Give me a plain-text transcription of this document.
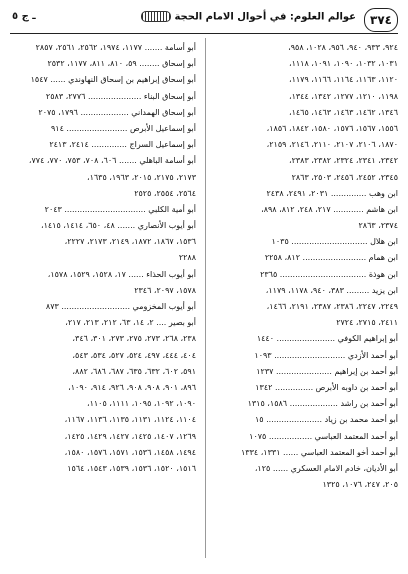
٣٧٤
عوالم العلوم: في أحوال الامام الحجة
ـ ج ٥
٩٢٤، ٩٣٣، ٩٤٠، ٩٥٦، ١٠٢٨، ٩٥٨،
١٠٣١، ١٠٣٢، ١٠٩٠، ١٠٩١، ١١١٨،
١١٢٠، ١١٦٣، ١١٦٤، ١١٦٦، ١١٧٩،
١١٩٨، ١٢١٠، ١٢٧٧، ١٣٤٢، ١٣٤٤،
١٣٤٦، ١٤٦٢، ١٤٦٣، ١٤٦٣، ١٤٦٥،
١٥٥٦، ١٥٦٧، ١٥٧٦، ١٥٨٠، ١٨٤٢، ١٨٥٦،
١٨٧٠، ٢١٠٦، ٢١٠٧، ٢١١٠، ٢١٤٦، ٢١٥٩،
٢٣٤٢، ٢٣٤١، ٢٣٢٤، ٢٣٨٢، ٢٣٨٣،
٢٣٤٥، ٢٤٥٢، ٢٤٥٦، ٢٥٠٣، ٢٨٦٣
ابن وهب .............. ٢٠٣١، ٢٤٩١، ٢٤٣٨
ابن هاشم ............ ٢١٧، ٢٤٨، ٨١٢، ٨٩٨،
٢٣٧٤، ٢٨٦٣
ابن هلال .............................. ١٠٣٥
ابن همام ......................... ٨١٢، ٢٢٥٨
ابن هوذة .................................. ٢٣٦٥
ابن يزيد ......... ٣٨٣، ٩٤٠، ١١٧٨، ١١٧٩،
٢٢٤٩، ٢٢٤٧، ٢٣٨٦، ٢٣٨٧، ٢١٩١، ١٤٦٦،
٢٤١١، ٢٧١٥، ٢٧٢٤
أبو إبراهيم الكوفي ....................... ١٤٤٠
أبو أحمد الأزدي ............................ ١٠٩٣
أبو أحمد بن إبراهيم ...................... ١٢٣٧
أبو أحمد بن داوبه الأبرص ............... ١٣٤٢
أبو أحمد بن راشد ................... ١٥٨٦، ١٣١٥
أبو أحمد محمد بن زياد ...................... ١٥
أبو أحمد المعتمد العباسي ................. ١٠٧٥
أبو أحمد أخو المعتمد العباسي ...... ١٣٣١، ١٣٣٤
أبو الأديان، خادم الامام العسكري ...... ١٢٥،
٢٠٥، ٢٤٧، ١٠٧٦، ١٣٢٥
أبو أسامة ....... ١١٧٧، ١٩٧٤، ٢٥٦٢، ٢٥٦١، ٢٨٥٧
أبو إسحاق ........ ٥٩، ٨١٠، ٨١١، ١١٧٧، ٢٥٣٢
أبو إسحاق إبراهيم بن إسحاق النهاوندي ...... ١٥٤٧
أبو إسحاق البناء ..................... ٢٧٧٦، ٢٥٨٣
أبو إسحاق الهمداني ................... ١٧٩٦، ٢٠٧٥
أبو إسماعيل الأبرص ........................ ٩١٤
أبو إسماعيل السراج .............. ٢٤١٤، ٢٤١٣
أبو أسامة الباهلي ....... ٦٠٦، ٧٠٨، ٧٥٣، ٧٧٠، ٧٧٤،
٢١٧٣، ٢١٧٥، ٢٠١٥، ١٩٦٣، ١٦٣٥،
٢٥٦٤، ٢٥٥٤، ٢٥٢٥
أبو أمية الكلبي ................................ ٢٠٤٣
أبو أيوب الأنصاري ....... ٤٨، ٦٥٠، ١٤١٤، ١٤١٥،
١٥٣٦، ١٨٦٧، ١٨٧٢، ٢١٤٩، ٢١٧٣، ٢٢٢٧،
٢٢٨٨
أبو أيوب الحذاء ...... ١٧، ١٥٢٨، ١٥٢٩، ١٥٧٨،
١٥٧٨، ٢٠٩٧، ٢٣٤٦
أبو أيوب المخزومي ........................... ٨٧٣
أبو بصير .... ٢، ١٤، ٦٣، ٢١٢، ٢١٣، ٢١٧،
٢٣٨، ٢٦٨، ٢٧٣، ٢٧٥، ٢٧٣، ٣٠١، ٣٤٦،
٤٠٤، ٤٤٤، ٤٩٧، ٥٢٤، ٥٢٧، ٥٣٤، ٥٤٣،
٥٩١، ٦٠٢، ٦٣٢، ٦٣٥، ٦٨٧، ٦٨٦، ٨٨٢،
٨٩٦، ٩٠١، ٩٠٨، ٩٠٨، ٩٢٦، ٩١٤، ١٠٩٠،
١٠٩٠، ١٠٩٢، ١٠٩٥، ١١١١، ١١٠٥،
١١٠٤، ١١٢٤، ١١٣١، ١١٣٥، ١١٣٦، ١١٦٧،
١٢٦٩، ١٤٠٧، ١٤٢٥، ١٤٢٧، ١٤٢٩، ١٤٢٥،
١٤٩٤، ١٤٥٨، ١٥٣٦، ١٥٧١، ١٥٧٦، ١٥٨٠،
١٥١٦، ١٥٢٠، ١٥٣٦، ١٥٣٩، ١٥٤٣، ١٥٦٤
